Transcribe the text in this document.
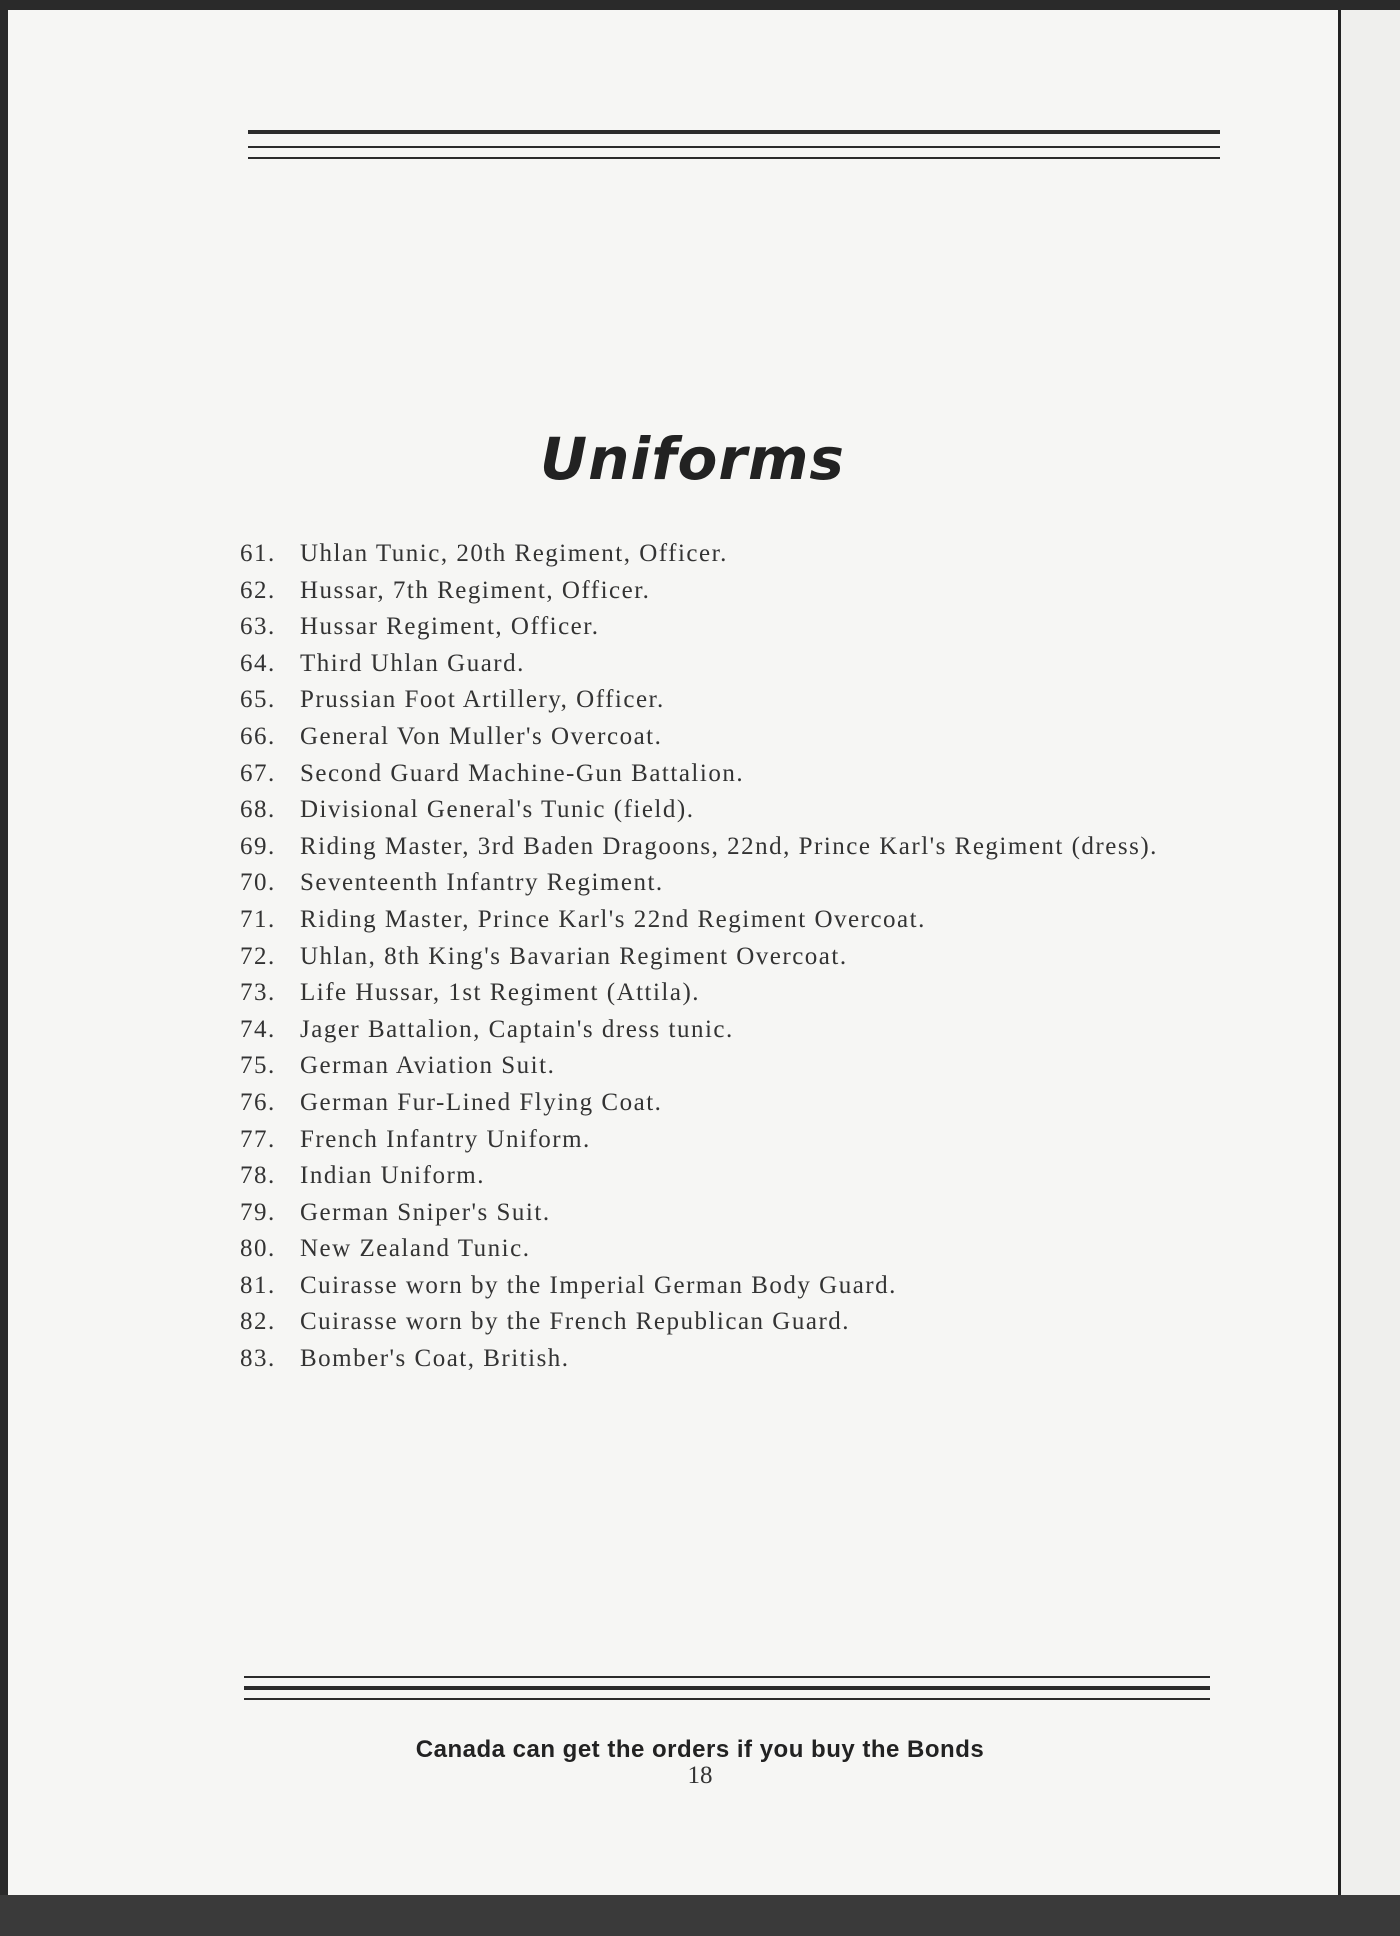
Uniforms
61. Uhlan Tunic, 20th Regiment, Officer.
62. Hussar, 7th Regiment, Officer.
63. Hussar Regiment, Officer.
64. Third Uhlan Guard.
65. Prussian Foot Artillery, Officer.
66. General Von Muller's Overcoat.
67. Second Guard Machine-Gun Battalion.
68. Divisional General's Tunic (field).
69. Riding Master, 3rd Baden Dragoons, 22nd, Prince Karl's Regiment (dress).
70. Seventeenth Infantry Regiment.
71. Riding Master, Prince Karl's 22nd Regiment Overcoat.
72. Uhlan, 8th King's Bavarian Regiment Overcoat.
73. Life Hussar, 1st Regiment (Attila).
74. Jager Battalion, Captain's dress tunic.
75. German Aviation Suit.
76. German Fur-Lined Flying Coat.
77. French Infantry Uniform.
78. Indian Uniform.
79. German Sniper's Suit.
80. New Zealand Tunic.
81. Cuirasse worn by the Imperial German Body Guard.
82. Cuirasse worn by the French Republican Guard.
83. Bomber's Coat, British.
Canada can get the orders if you buy the Bonds
18
